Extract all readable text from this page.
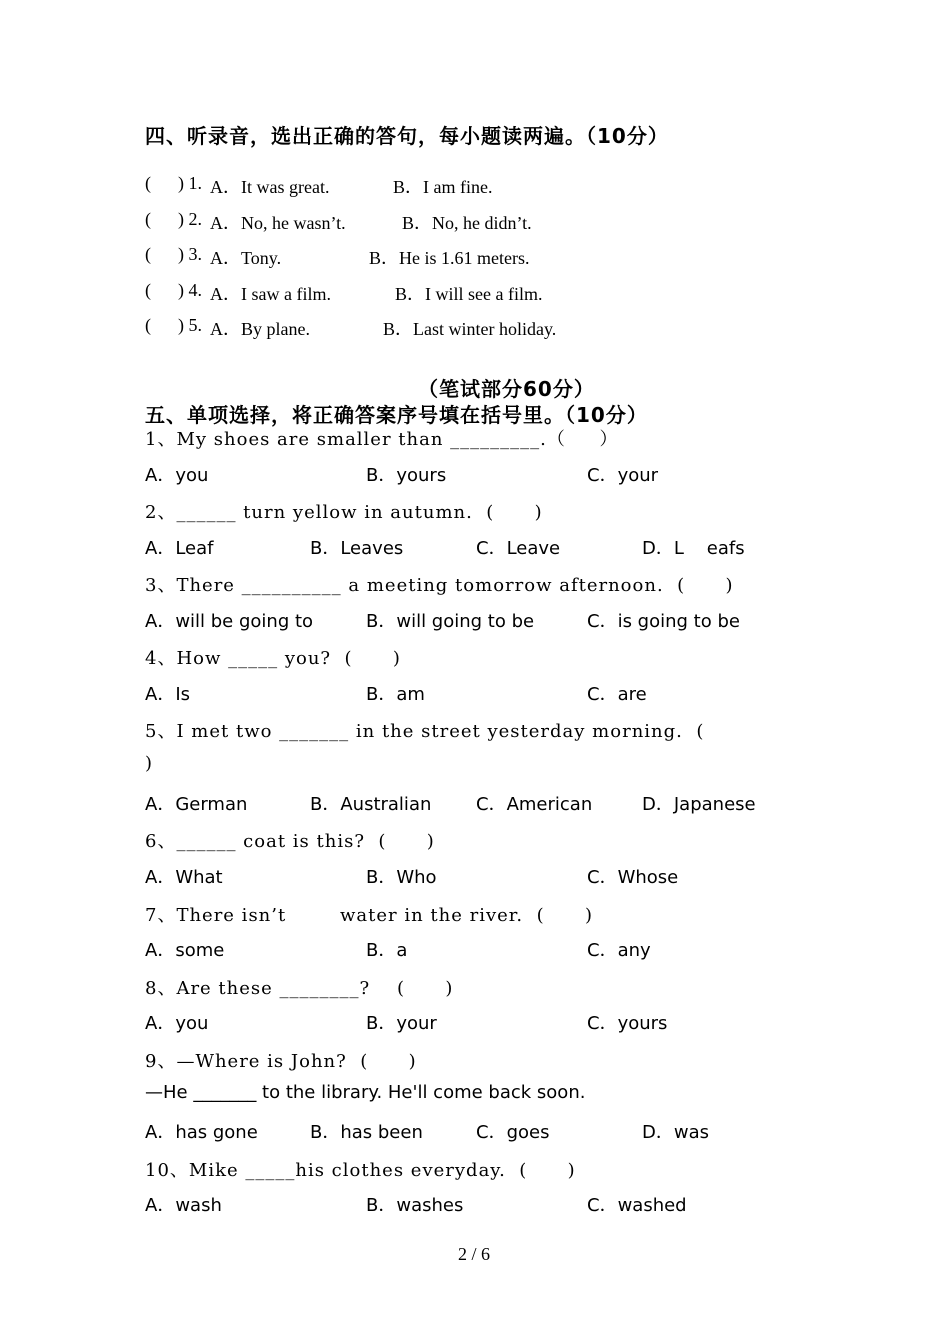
四、听录音，选出正确的答句，每小题读两遍。（10分）
(      ) 1. A．It was great.	B．I am fine.
(      ) 2. A．No, he wasn’t.	B．No, he didn’t.
(      ) 3. A．Tony.	B．He is 1.61 meters.
(      ) 4. A．I saw a film.	B．I will see a film.
(      ) 5. A．By plane.	B．Last winter holiday.
（笔试部分60分）
五、单项选择，将正确答案序号填在括号里。（10分）
1、My shoes are smaller than _________.（     ）
A．you	B．yours	C．your
2、______ turn yellow in autumn.  (      )
A．Leaf	B．Leaves	C．Leave	D．L    eafs
3、There __________ a meeting tomorrow afternoon.  (      )
A．will be going to	B．will going to be	C．is going to be
4、How _____ you?  (      )
A．Is	B．am	C．are
5、I met two _______ in the street yesterday morning.  (
)
A．German	B．Australian C．American	D．Japanese
6、______ coat is this?  (      )
A．What	B．Who	C．Whose
7、There isn’t        water in the river.  (      )
A．some	B．a	C．any
8、Are these ________?    (      )
A．you	B．your	C．yours
9、—Where is John?  (      )
—He _______ to the library. He'll come back soon.
A．has gone	B．has been	C．goes	D．was
10、Mike _____his clothes everyday.  (      )
A．wash	B．washes	C．washed
2 / 6
